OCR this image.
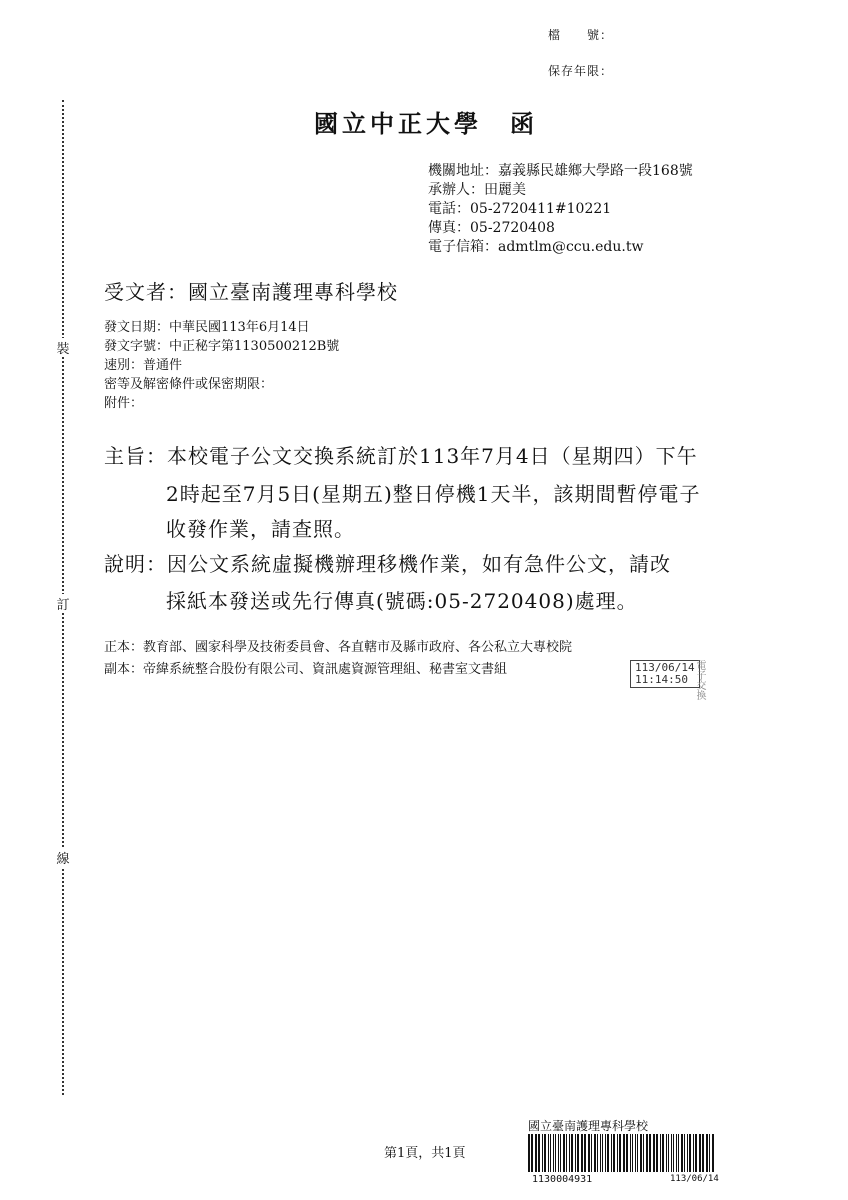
檔　　號：
保存年限：
裝
訂
線
國立中正大學　函
機關地址：嘉義縣民雄鄉大學路一段168號
承辦人：田麗美
電話：05-2720411#10221
傳真：05-2720408
電子信箱：admtlm@ccu.edu.tw
受文者：國立臺南護理專科學校
發文日期：中華民國113年6月14日
發文字號：中正秘字第1130500212B號
速別：普通件
密等及解密條件或保密期限：
附件：
主旨：本校電子公文交換系統訂於113年7月4日（星期四）下午
2時起至7月5日(星期五)整日停機1天半，該期間暫停電子
收發作業，請查照。
說明：因公文系統虛擬機辦理移機作業，如有急件公文，請改
採紙本發送或先行傳真(號碼:05-2720408)處理。
正本：教育部、國家科學及技術委員會、各直轄市及縣市政府、各公私立大專校院
副本：帝緯系統整合股份有限公司、資訊處資源管理組、秘書室文書組	113/06/14
11:14:50 電子交換
第1頁，共1頁
國立臺南護理專科學校
1130004931	113/06/14
